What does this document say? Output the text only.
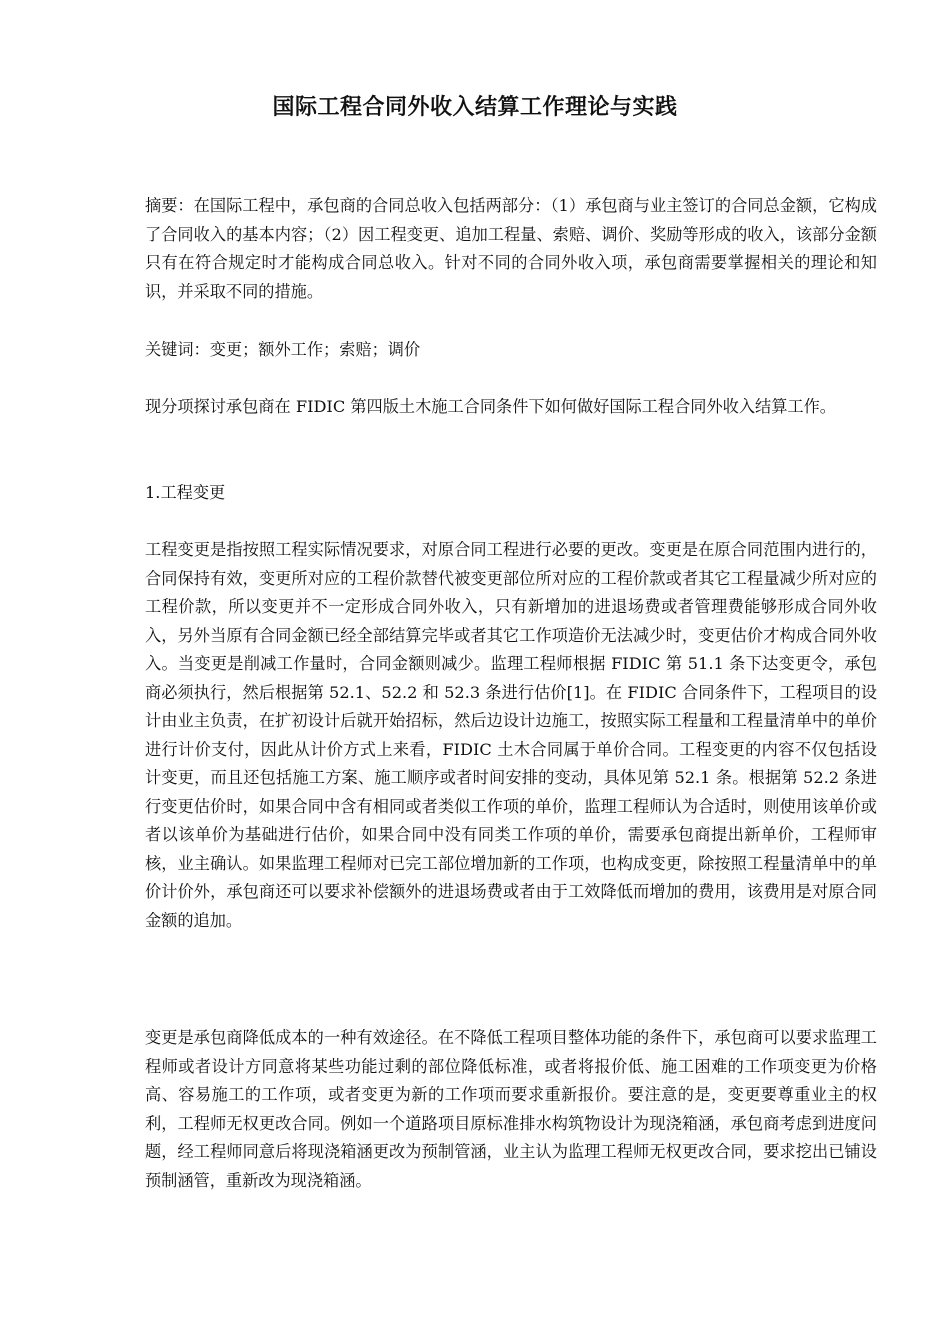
国际工程合同外收入结算工作理论与实践

摘要：在国际工程中，承包商的合同总收入包括两部分：（1）承包商与业主签订的合同总金额，它构成了合同收入的基本内容；（2）因工程变更、追加工程量、索赔、调价、奖励等形成的收入，该部分金额只有在符合规定时才能构成合同总收入。针对不同的合同外收入项，承包商需要掌握相关的理论和知识，并采取不同的措施。

关键词：变更；额外工作；索赔；调价

现分项探讨承包商在 FIDIC 第四版土木施工合同条件下如何做好国际工程合同外收入结算工作。

1.工程变更

工程变更是指按照工程实际情况要求，对原合同工程进行必要的更改。变更是在原合同范围内进行的，合同保持有效，变更所对应的工程价款替代被变更部位所对应的工程价款或者其它工程量减少所对应的工程价款，所以变更并不一定形成合同外收入，只有新增加的进退场费或者管理费能够形成合同外收入，另外当原有合同金额已经全部结算完毕或者其它工作项造价无法减少时，变更估价才构成合同外收入。当变更是削减工作量时，合同金额则减少。监理工程师根据 FIDIC 第 51.1 条下达变更令，承包商必须执行，然后根据第 52.1、52.2 和 52.3 条进行估价[1]。在 FIDIC 合同条件下，工程项目的设计由业主负责，在扩初设计后就开始招标，然后边设计边施工，按照实际工程量和工程量清单中的单价进行计价支付，因此从计价方式上来看，FIDIC 土木合同属于单价合同。工程变更的内容不仅包括设计变更，而且还包括施工方案、施工顺序或者时间安排的变动，具体见第 52.1 条。根据第 52.2 条进行变更估价时，如果合同中含有相同或者类似工作项的单价，监理工程师认为合适时，则使用该单价或者以该单价为基础进行估价，如果合同中没有同类工作项的单价，需要承包商提出新单价，工程师审核，业主确认。如果监理工程师对已完工部位增加新的工作项，也构成变更，除按照工程量清单中的单价计价外，承包商还可以要求补偿额外的进退场费或者由于工效降低而增加的费用，该费用是对原合同金额的追加。

变更是承包商降低成本的一种有效途径。在不降低工程项目整体功能的条件下，承包商可以要求监理工程师或者设计方同意将某些功能过剩的部位降低标准，或者将报价低、施工困难的工作项变更为价格高、容易施工的工作项，或者变更为新的工作项而要求重新报价。要注意的是，变更要尊重业主的权利，工程师无权更改合同。例如一个道路项目原标准排水构筑物设计为现浇箱涵，承包商考虑到进度问题，经工程师同意后将现浇箱涵更改为预制管涵，业主认为监理工程师无权更改合同，要求挖出已铺设预制涵管，重新改为现浇箱涵。
